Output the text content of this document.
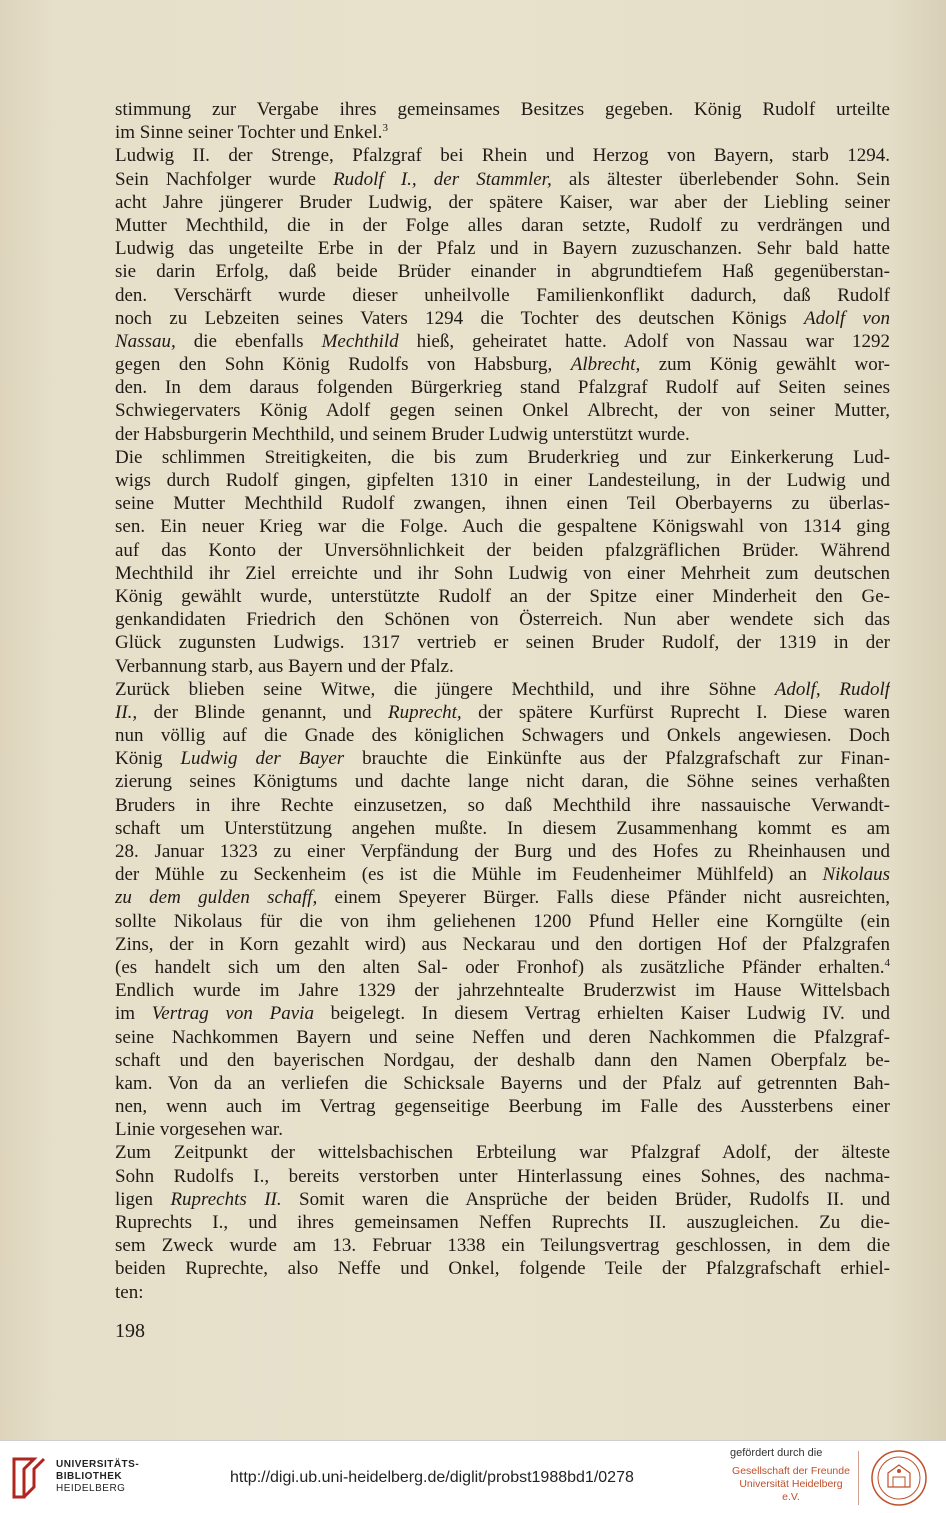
stimmung zur Vergabe ihres gemeinsames Besitzes gegeben. König Rudolf urteilte
im Sinne seiner Tochter und Enkel.$^3$
Ludwig II. der Strenge, Pfalzgraf bei Rhein und Herzog von Bayern, starb 1294.
Sein Nachfolger wurde Rudolf I., der Stammler, als ältester überlebender Sohn. Sein
acht Jahre jüngerer Bruder Ludwig, der spätere Kaiser, war aber der Liebling seiner
Mutter Mechthild, die in der Folge alles daran setzte, Rudolf zu verdrängen und
Ludwig das ungeteilte Erbe in der Pfalz und in Bayern zuzuschanzen. Sehr bald hatte
sie darin Erfolg, daß beide Brüder einander in abgrundtiefem Haß gegenüberstan-
den. Verschärft wurde dieser unheilvolle Familienkonflikt dadurch, daß Rudolf
noch zu Lebzeiten seines Vaters 1294 die Tochter des deutschen Königs Adolf von
Nassau, die ebenfalls Mechthild hieß, geheiratet hatte. Adolf von Nassau war 1292
gegen den Sohn König Rudolfs von Habsburg, Albrecht, zum König gewählt wor-
den. In dem daraus folgenden Bürgerkrieg stand Pfalzgraf Rudolf auf Seiten seines
Schwiegervaters König Adolf gegen seinen Onkel Albrecht, der von seiner Mutter,
der Habsburgerin Mechthild, und seinem Bruder Ludwig unterstützt wurde.
Die schlimmen Streitigkeiten, die bis zum Bruderkrieg und zur Einkerkerung Lud-
wigs durch Rudolf gingen, gipfelten 1310 in einer Landesteilung, in der Ludwig und
seine Mutter Mechthild Rudolf zwangen, ihnen einen Teil Oberbayerns zu überlas-
sen. Ein neuer Krieg war die Folge. Auch die gespaltene Königswahl von 1314 ging
auf das Konto der Unversöhnlichkeit der beiden pfalzgräflichen Brüder. Während
Mechthild ihr Ziel erreichte und ihr Sohn Ludwig von einer Mehrheit zum deutschen
König gewählt wurde, unterstützte Rudolf an der Spitze einer Minderheit den Ge-
genkandidaten Friedrich den Schönen von Österreich. Nun aber wendete sich das
Glück zugunsten Ludwigs. 1317 vertrieb er seinen Bruder Rudolf, der 1319 in der
Verbannung starb, aus Bayern und der Pfalz.
Zurück blieben seine Witwe, die jüngere Mechthild, und ihre Söhne Adolf, Rudolf
II., der Blinde genannt, und Ruprecht, der spätere Kurfürst Ruprecht I. Diese waren
nun völlig auf die Gnade des königlichen Schwagers und Onkels angewiesen. Doch
König Ludwig der Bayer brauchte die Einkünfte aus der Pfalzgrafschaft zur Finan-
zierung seines Königtums und dachte lange nicht daran, die Söhne seines verhaßten
Bruders in ihre Rechte einzusetzen, so daß Mechthild ihre nassauische Verwandt-
schaft um Unterstützung angehen mußte. In diesem Zusammenhang kommt es am
28. Januar 1323 zu einer Verpfändung der Burg und des Hofes zu Rheinhausen und
der Mühle zu Seckenheim (es ist die Mühle im Feudenheimer Mühlfeld) an Nikolaus
zu dem gulden schaff, einem Speyerer Bürger. Falls diese Pfänder nicht ausreichten,
sollte Nikolaus für die von ihm geliehenen 1200 Pfund Heller eine Korngülte (ein
Zins, der in Korn gezahlt wird) aus Neckarau und den dortigen Hof der Pfalzgrafen
(es handelt sich um den alten Sal- oder Fronhof) als zusätzliche Pfänder erhalten.$^4$
Endlich wurde im Jahre 1329 der jahrzehntealte Bruderzwist im Hause Wittelsbach
im Vertrag von Pavia beigelegt. In diesem Vertrag erhielten Kaiser Ludwig IV. und
seine Nachkommen Bayern und seine Neffen und deren Nachkommen die Pfalzgraf-
schaft und den bayerischen Nordgau, der deshalb dann den Namen Oberpfalz be-
kam. Von da an verliefen die Schicksale Bayerns und der Pfalz auf getrennten Bah-
nen, wenn auch im Vertrag gegenseitige Beerbung im Falle des Aussterbens einer
Linie vorgesehen war.
Zum Zeitpunkt der wittelsbachischen Erbteilung war Pfalzgraf Adolf, der älteste
Sohn Rudolfs I., bereits verstorben unter Hinterlassung eines Sohnes, des nachma-
ligen Ruprechts II. Somit waren die Ansprüche der beiden Brüder, Rudolfs II. und
Ruprechts I., und ihres gemeinsamen Neffen Ruprechts II. auszugleichen. Zu die-
sem Zweck wurde am 13. Februar 1338 ein Teilungsvertrag geschlossen, in dem die
beiden Ruprechte, also Neffe und Onkel, folgende Teile der Pfalzgrafschaft erhiel-
ten:
198
UNIVERSITÄTS-
BIBLIOTHEK
HEIDELBERG
http://digi.ub.uni-heidelberg.de/diglit/probst1988bd1/0278
gefördert durch die
Gesellschaft der Freunde
Universität Heidelberg e.V.
